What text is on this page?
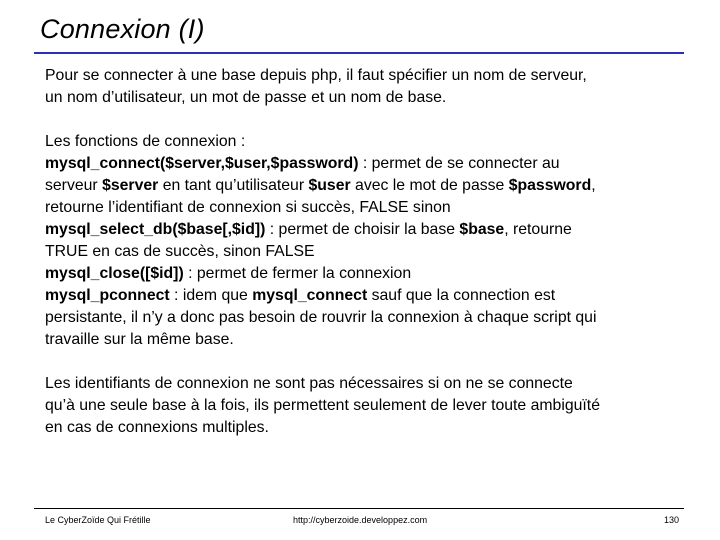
Connexion (I)

Pour se connecter à une base depuis php, il faut spécifier un nom de serveur,

un nom d’utilisateur, un mot de passe et un nom de base.

Les fonctions de connexion :

mysql_connect($server,$user,$password) : permet de se connecter au

serveur $server en tant qu’utilisateur $user avec le mot de passe $password,

retourne l’identifiant de connexion si succès, FALSE sinon

mysql_select_db($base[,$id]) : permet de choisir la base $base, retourne

TRUE en cas de succès, sinon FALSE

mysql_close([$id]) : permet de fermer la connexion

mysql_pconnect : idem que mysql_connect sauf que la connection est

persistante, il n’y a donc pas besoin de rouvrir la connexion à chaque script qui

travaille sur la même base.

Les identifiants de connexion ne sont pas nécessaires si on ne se connecte

qu’à une seule base à la fois, ils permettent seulement de lever toute ambiguïté

en cas de connexions multiples.

Le CyberZoïde Qui Frétille	http://cyberzoide.developpez.com	130
